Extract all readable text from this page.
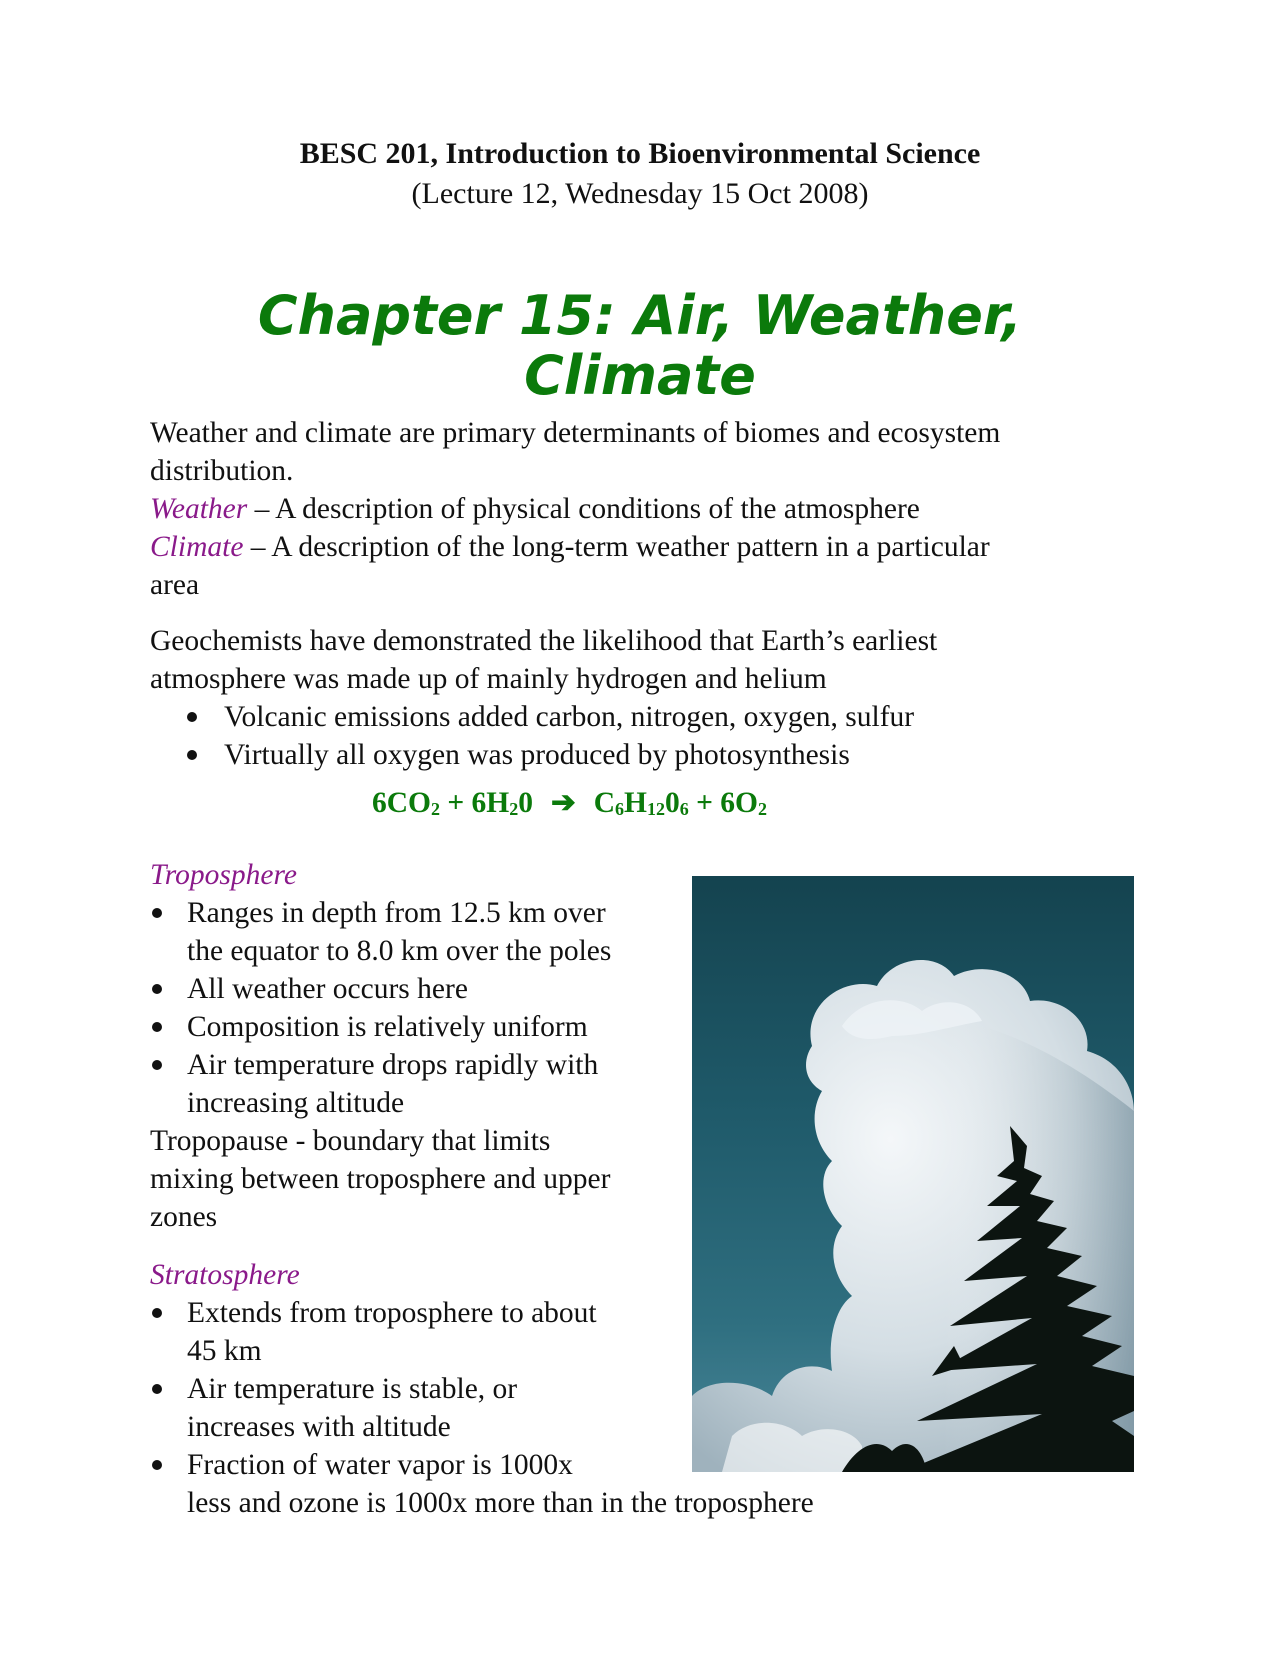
BESC 201, Introduction to Bioenvironmental Science
(Lecture 12, Wednesday 15 Oct 2008)
Chapter 15: Air, Weather,
Climate
Weather and climate are primary determinants of biomes and ecosystem
distribution.
Weather – A description of physical conditions of the atmosphere
Climate – A description of the long-term weather pattern in a particular
area
Geochemists have demonstrated the likelihood that Earth’s earliest
atmosphere was made up of mainly hydrogen and helium
Volcanic emissions added carbon, nitrogen, oxygen, sulfur
Virtually all oxygen was produced by photosynthesis
$6CO_2 + 6H_20$ ➔ $C_6H_{12}0_6 + 6O_2$
Troposphere
Ranges in depth from 12.5 km over
the equator to 8.0 km over the poles
All weather occurs here
Composition is relatively uniform
Air temperature drops rapidly with
increasing altitude
Tropopause - boundary that limits
mixing between troposphere and upper
zones
Stratosphere
Extends from troposphere to about
45 km
Air temperature is stable, or
increases with altitude
Fraction of water vapor is 1000x
less and ozone is 1000x more than in the troposphere
